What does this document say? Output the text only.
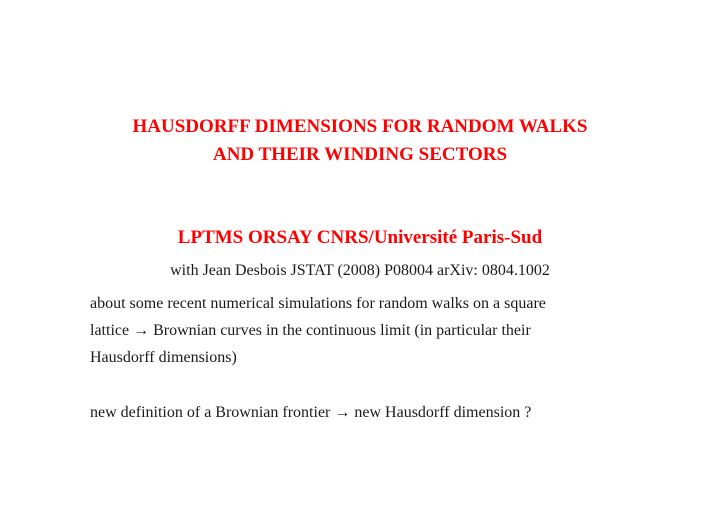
HAUSDORFF DIMENSIONS FOR RANDOM WALKS
AND THEIR WINDING SECTORS
LPTMS ORSAY CNRS/Université Paris-Sud
with Jean Desbois JSTAT (2008) P08004 arXiv: 0804.1002
about some recent numerical simulations for random walks on a square
lattice → Brownian curves in the continuous limit (in particular their
Hausdorff dimensions)
new definition of a Brownian frontier → new Hausdorff dimension ?
